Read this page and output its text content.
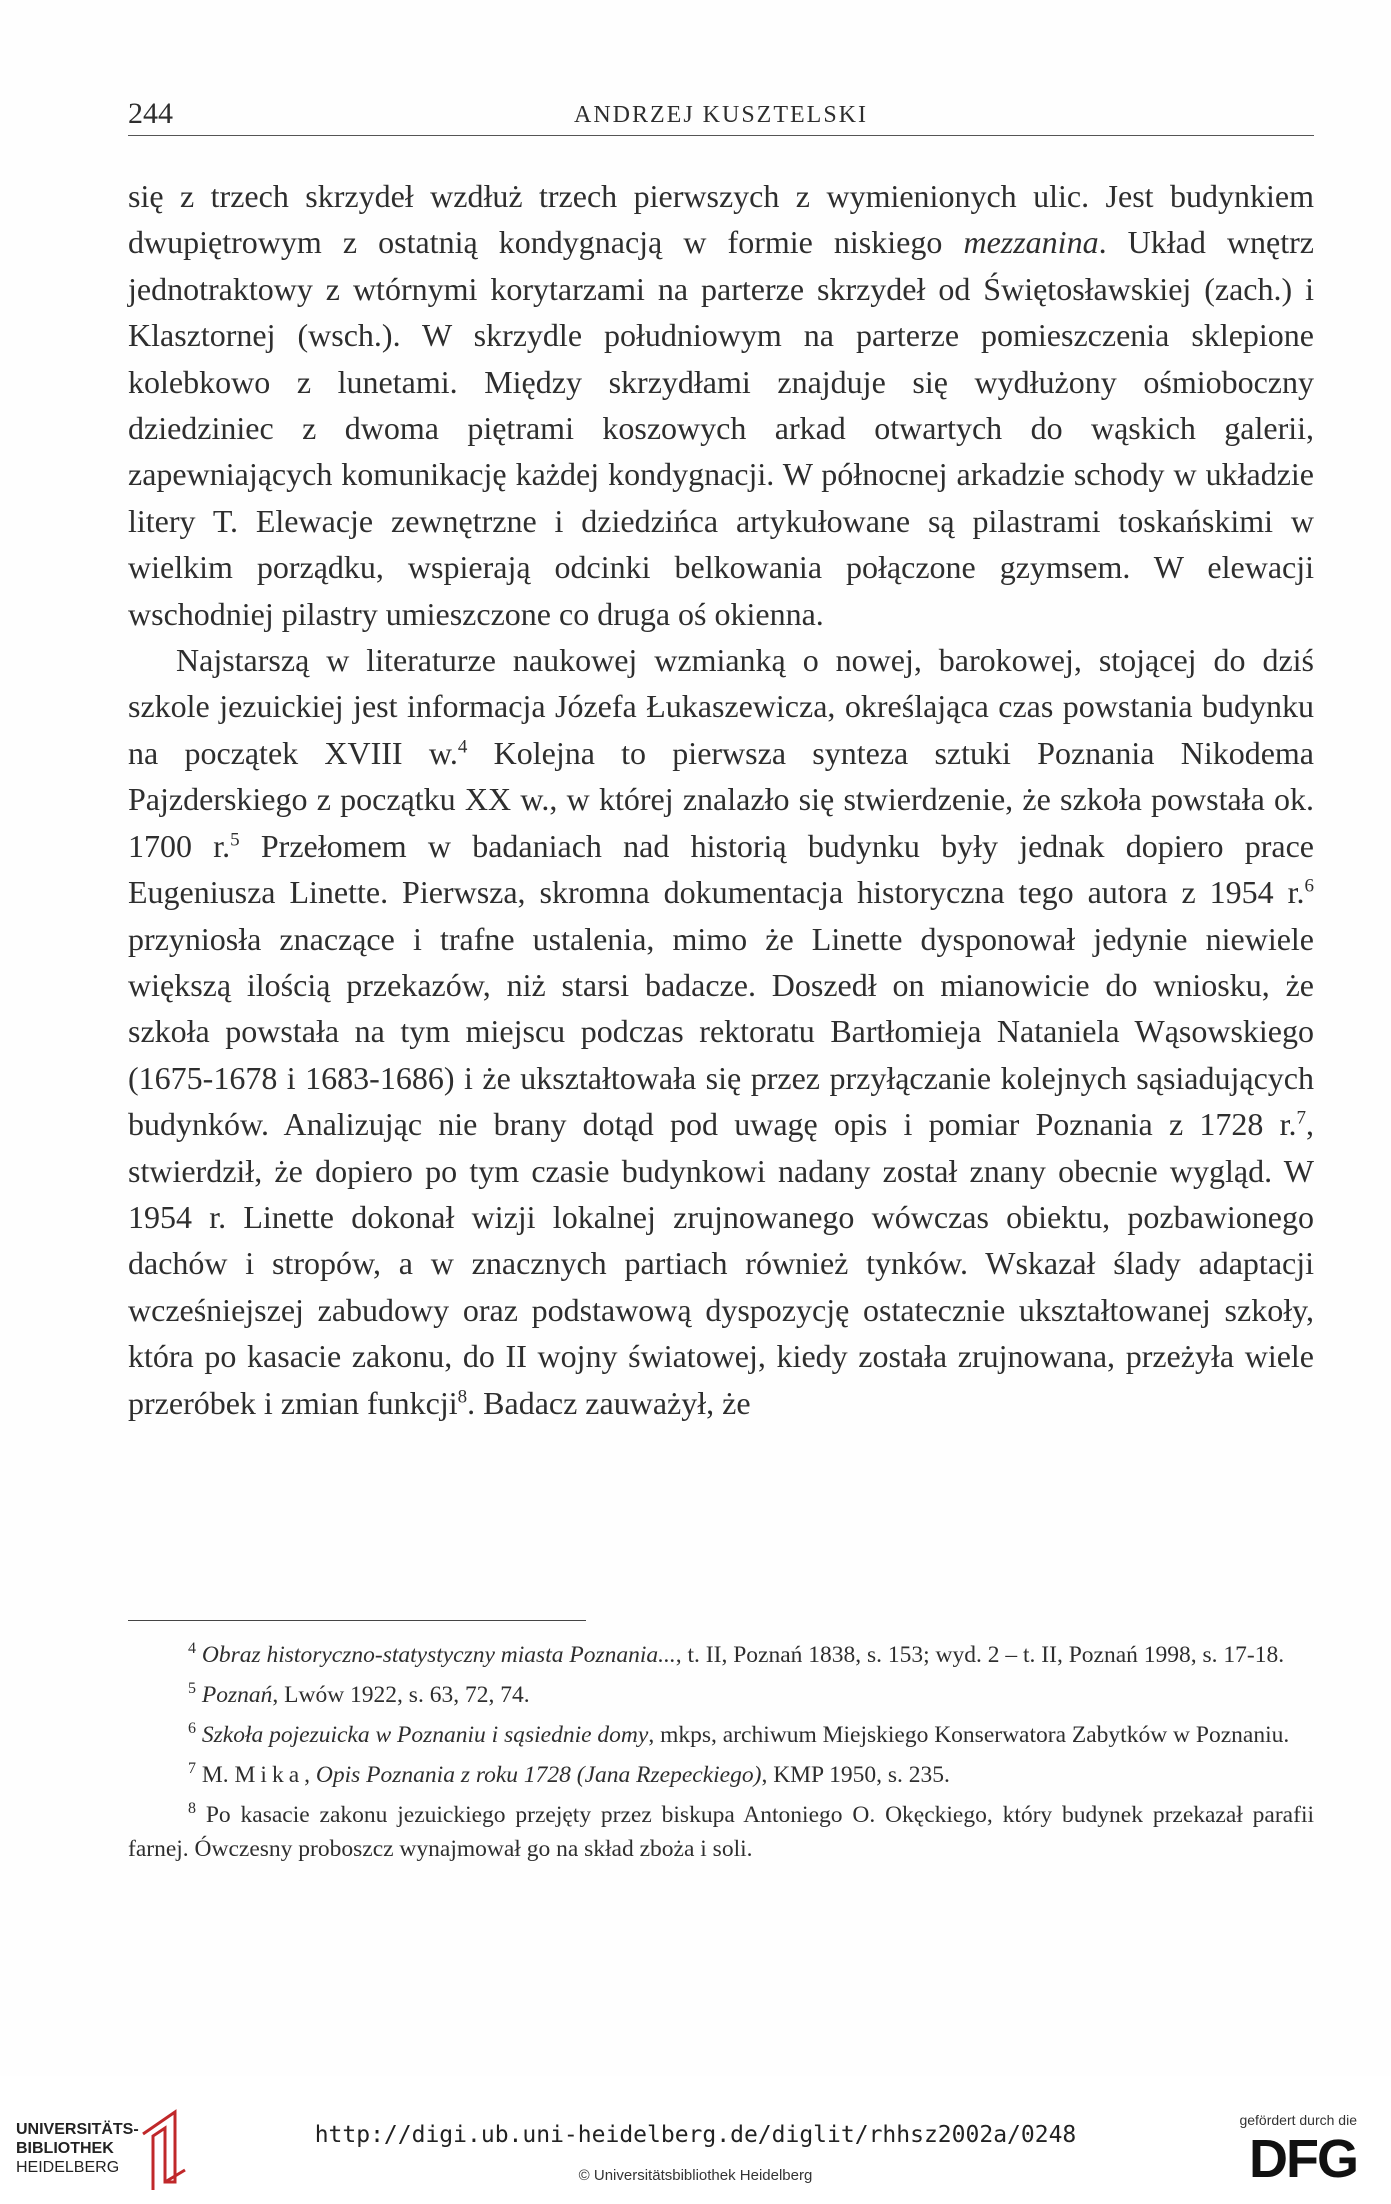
244	ANDRZEJ KUSZTELSKI

się z trzech skrzydeł wzdłuż trzech pierwszych z wymienionych ulic. Jest budynkiem dwupiętrowym z ostatnią kondygnacją w formie niskiego mezzanina. Układ wnętrz jednotraktowy z wtórnymi korytarzami na parterze skrzydeł od Świętosławskiej (zach.) i Klasztornej (wsch.). W skrzydle południowym na parterze pomieszczenia sklepione kolebkowo z lunetami. Między skrzydłami znajduje się wydłużony ośmioboczny dziedziniec z dwoma piętrami koszowych arkad otwartych do wąskich galerii, zapewniających komunikację każdej kondygnacji. W północnej arkadzie schody w układzie litery T. Elewacje zewnętrzne i dziedzińca artykułowane są pilastrami toskańskimi w wielkim porządku, wspierają odcinki belkowania połączone gzymsem. W elewacji wschodniej pilastry umieszczone co druga oś okienna.

Najstarszą w literaturze naukowej wzmianką o nowej, barokowej, stojącej do dziś szkole jezuickiej jest informacja Józefa Łukaszewicza, określająca czas powstania budynku na początek XVIII w.$^4$ Kolejna to pierwsza synteza sztuki Poznania Nikodema Pajzderskiego z początku XX w., w której znalazło się stwierdzenie, że szkoła powstała ok. 1700 r.$^5$ Przełomem w badaniach nad historią budynku były jednak dopiero prace Eugeniusza Linette. Pierwsza, skromna dokumentacja historyczna tego autora z 1954 r.$^6$ przyniosła znaczące i trafne ustalenia, mimo że Linette dysponował jedynie niewiele większą ilością przekazów, niż starsi badacze. Doszedł on mianowicie do wniosku, że szkoła powstała na tym miejscu podczas rektoratu Bartłomieja Nataniela Wąsowskiego (1675-1678 i 1683-1686) i że ukształtowała się przez przyłączanie kolejnych sąsiadujących budynków. Analizując nie brany dotąd pod uwagę opis i pomiar Poznania z 1728 r.$^7$, stwierdził, że dopiero po tym czasie budynkowi nadany został znany obecnie wygląd. W 1954 r. Linette dokonał wizji lokalnej zrujnowanego wówczas obiektu, pozbawionego dachów i stropów, a w znacznych partiach również tynków. Wskazał ślady adaptacji wcześniejszej zabudowy oraz podstawową dyspozycję ostatecznie ukształtowanej szkoły, która po kasacie zakonu, do II wojny światowej, kiedy została zrujnowana, przeżyła wiele przeróbek i zmian funkcji$^8$. Badacz zauważył, że

$^4$ Obraz historyczno-statystyczny miasta Poznania..., t. II, Poznań 1838, s. 153; wyd. 2 – t. II, Poznań 1998, s. 17-18.

$^5$ Poznań, Lwów 1922, s. 63, 72, 74.

$^6$ Szkoła pojezuicka w Poznaniu i sąsiednie domy, mkps, archiwum Miejskiego Konserwatora Zabytków w Poznaniu.

$^7$ M. Mika, Opis Poznania z roku 1728 (Jana Rzepeckiego), KMP 1950, s. 235.

$^8$ Po kasacie zakonu jezuickiego przejęty przez biskupa Antoniego O. Okęckiego, który budynek przekazał parafii farnej. Ówczesny proboszcz wynajmował go na skład zboża i soli.

UNIVERSITÄTS-
BIBLIOTHEK
HEIDELBERG
http://digi.ub.uni-heidelberg.de/diglit/rhhsz2002a/0248
© Universitätsbibliothek Heidelberg
gefördert durch die
DFG
